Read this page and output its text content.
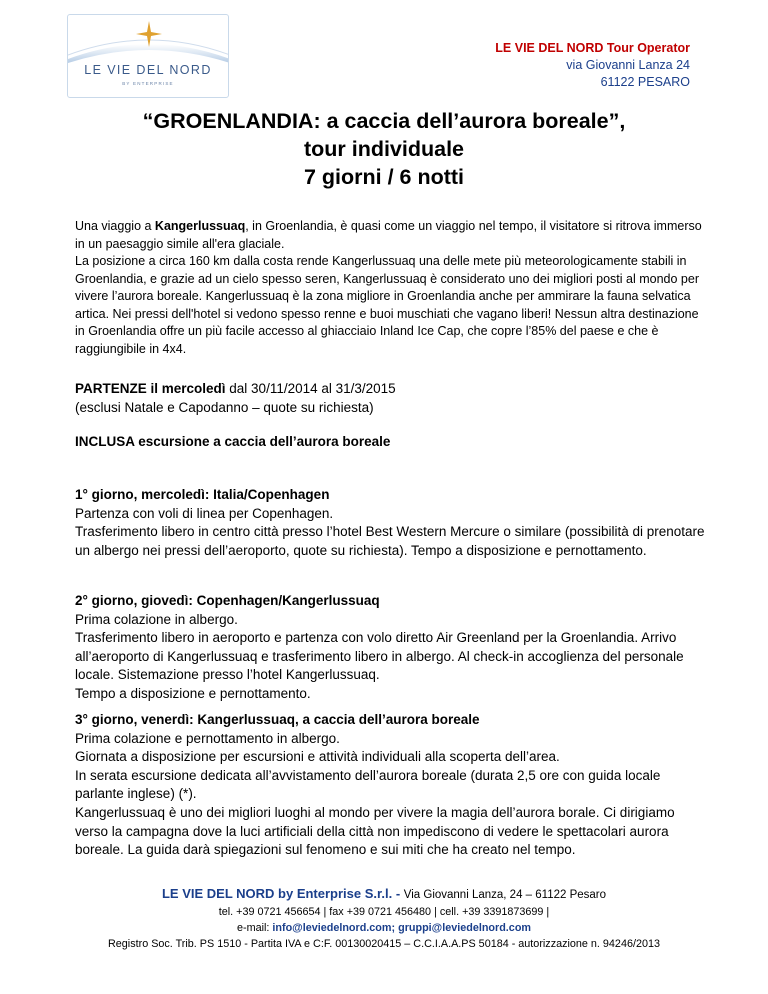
LE VIE DEL NORD
BY ENTERPRISE
LE VIE DEL NORD Tour Operator
via Giovanni Lanza 24
61122 PESARO
“GROENLANDIA: a caccia dell’aurora boreale”,
tour individuale
7 giorni / 6 notti

Una viaggio a Kangerlussuaq, in Groenlandia, è quasi come un viaggio nel tempo, il visitatore si ritrova immerso in un paesaggio simile all'era glaciale.

La posizione a circa 160 km dalla costa rende Kangerlussuaq una delle mete più meteorologicamente stabili in Groenlandia, e grazie ad un cielo spesso seren, Kangerlussuaq è considerato uno dei migliori posti al mondo per vivere l’aurora boreale. Kangerlussuaq è la zona migliore in Groenlandia anche per ammirare la fauna selvatica artica. Nei pressi dell'hotel si vedono spesso renne e buoi muschiati che vagano liberi! Nessun altra destinazione in Groenlandia offre un più facile accesso al ghiacciaio Inland Ice Cap, che copre l’85% del paese e che è raggiungibile in 4x4.

PARTENZE il mercoledì dal 30/11/2014 al 31/3/2015

(esclusi Natale e Capodanno – quote su richiesta)

INCLUSA escursione a caccia dell’aurora boreale

1° giorno, mercoledì: Italia/Copenhagen

Partenza con voli di linea per Copenhagen.

Trasferimento libero in centro città presso l’hotel Best Western Mercure o similare (possibilità di prenotare un albergo nei pressi dell’aeroporto, quote su richiesta). Tempo a disposizione e pernottamento.

2° giorno, giovedì: Copenhagen/Kangerlussuaq

Prima colazione in albergo.

Trasferimento libero in aeroporto e partenza con volo diretto Air Greenland per la Groenlandia. Arrivo all’aeroporto di Kangerlussuaq e trasferimento libero in albergo. Al check-in accoglienza del personale locale. Sistemazione presso l’hotel Kangerlussuaq.

Tempo a disposizione e pernottamento.

3° giorno, venerdì: Kangerlussuaq, a caccia dell’aurora boreale

Prima colazione e pernottamento in albergo.

Giornata a disposizione per escursioni e attività individuali alla scoperta dell’area.

In serata escursione dedicata all’avvistamento dell’aurora boreale (durata 2,5 ore con guida locale parlante inglese) (*).

Kangerlussuaq è uno dei migliori luoghi al mondo per vivere la magia dell’aurora borale. Ci dirigiamo verso la campagna dove la luci artificiali della città non impediscono di vedere le spettacolari aurora boreale. La guida darà spiegazioni sul fenomeno e sui miti che ha creato nel tempo.

LE VIE DEL NORD by Enterprise S.r.l. - Via Giovanni Lanza, 24 – 61122 Pesaro
tel. +39 0721 456654 | fax +39 0721 456480 | cell. +39 3391873699 |
e-mail: info@leviedelnord.com; gruppi@leviedelnord.com
Registro Soc. Trib. PS 1510 - Partita IVA e C:F. 00130020415 – C.C.I.A.A.PS 50184 - autorizzazione n. 94246/2013
